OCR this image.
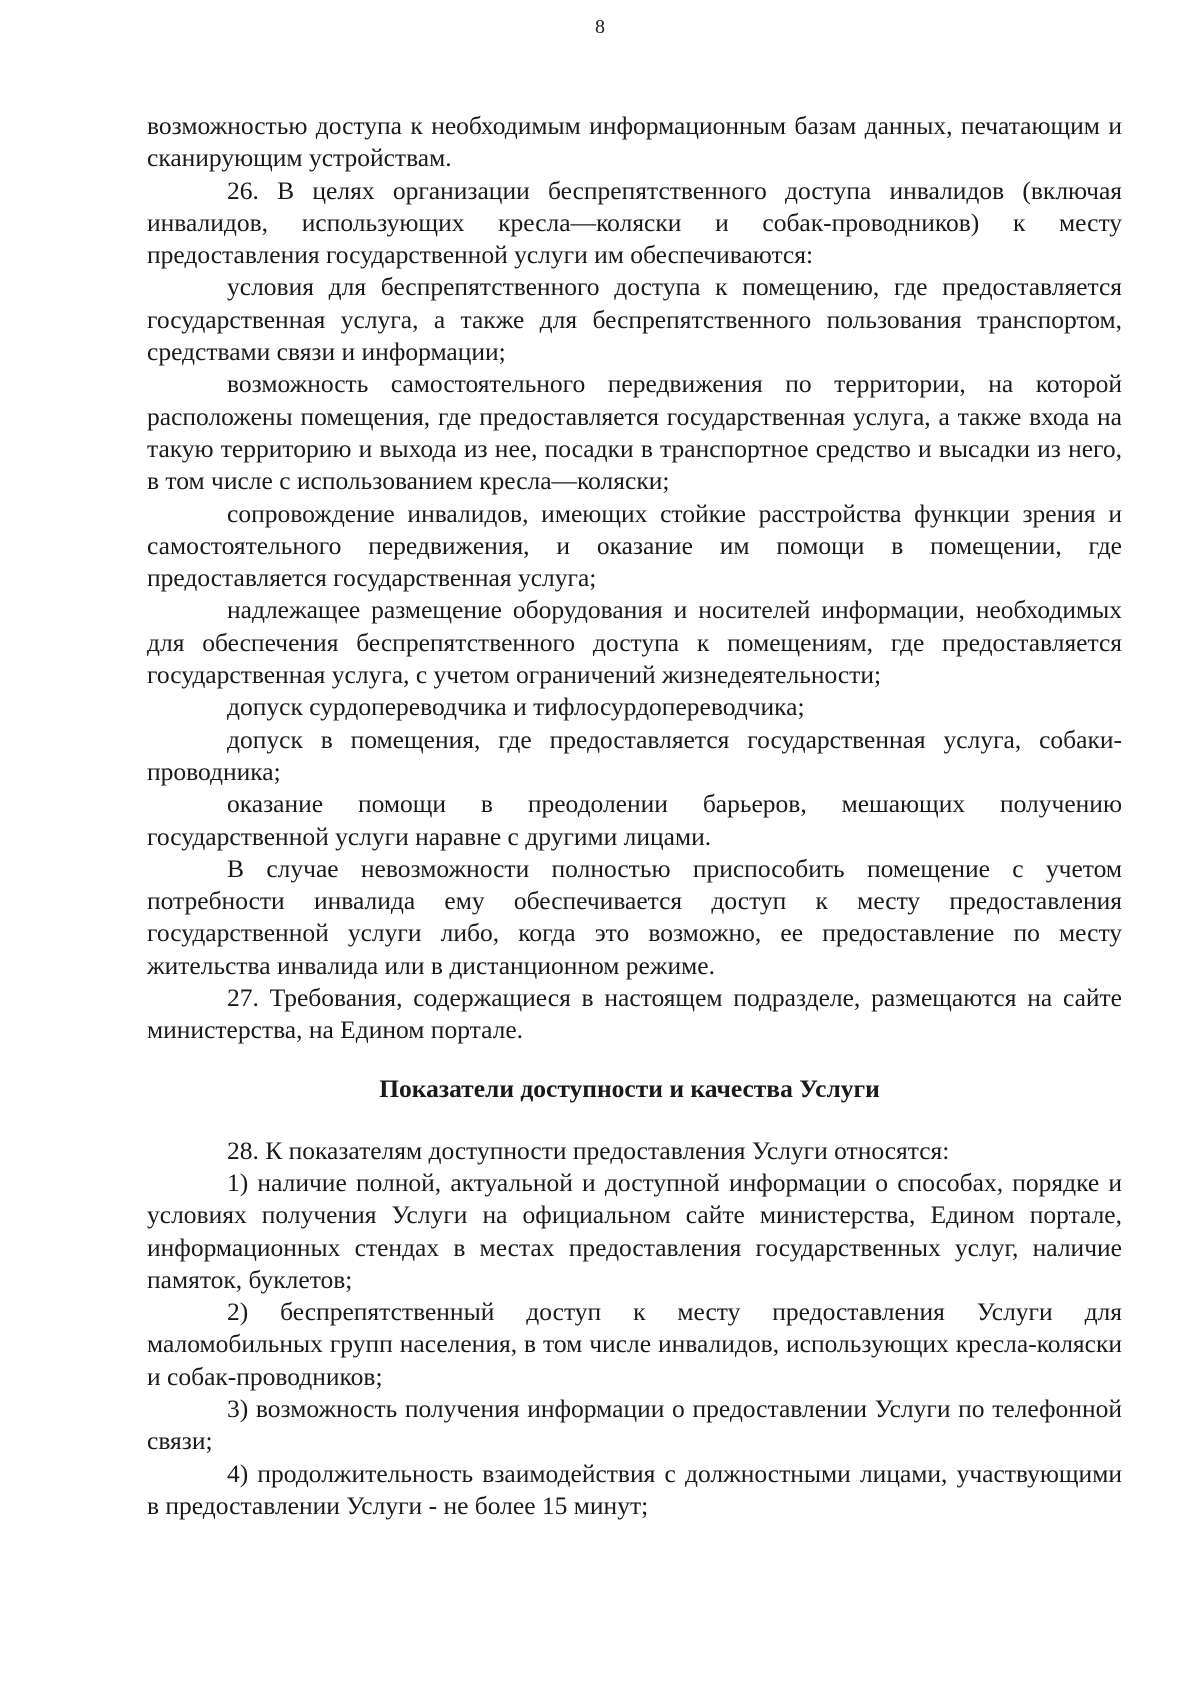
8

возможностью доступа к необходимым информационным базам данных, печатающим и сканирующим устройствам.

26. В целях организации беспрепятственного доступа инвалидов (включая инвалидов, использующих кресла—коляски и собак-проводников) к месту предоставления государственной услуги им обеспечиваются:

условия для беспрепятственного доступа к помещению, где предоставляется государственная услуга, а также для беспрепятственного пользования транспортом, средствами связи и информации;

возможность самостоятельного передвижения по территории, на которой расположены помещения, где предоставляется государственная услуга, а также входа на такую территорию и выхода из нее, посадки в транспортное средство и высадки из него, в том числе с использованием кресла—коляски;

сопровождение инвалидов, имеющих стойкие расстройства функции зрения и самостоятельного передвижения, и оказание им помощи в помещении, где предоставляется государственная услуга;

надлежащее размещение оборудования и носителей информации, необходимых для обеспечения беспрепятственного доступа к помещениям, где предоставляется государственная услуга, с учетом ограничений жизнедеятельности;

допуск сурдопереводчика и тифлосурдопереводчика;

допуск в помещения, где предоставляется государственная услуга, собаки- проводника;

оказание помощи в преодолении барьеров, мешающих получению государственной услуги наравне с другими лицами.

В случае невозможности полностью приспособить помещение с учетом потребности инвалида ему обеспечивается доступ к месту предоставления государственной услуги либо, когда это возможно, ее предоставление по месту жительства инвалида или в дистанционном режиме.

27. Требования, содержащиеся в настоящем подразделе, размещаются на сайте министерства, на Едином портале.

Показатели доступности и качества Услуги

28. К показателям доступности предоставления Услуги относятся:

1) наличие полной, актуальной и доступной информации о способах, порядке и условиях получения Услуги на официальном сайте министерства, Едином портале, информационных стендах в местах предоставления государственных услуг, наличие памяток, буклетов;

2) беспрепятственный доступ к месту предоставления Услуги для маломобильных групп населения, в том числе инвалидов, использующих кресла-коляски и собак-проводников;

3) возможность получения информации о предоставлении Услуги по телефонной связи;

4) продолжительность взаимодействия с должностными лицами, участвующими в предоставлении Услуги - не более 15 минут;
